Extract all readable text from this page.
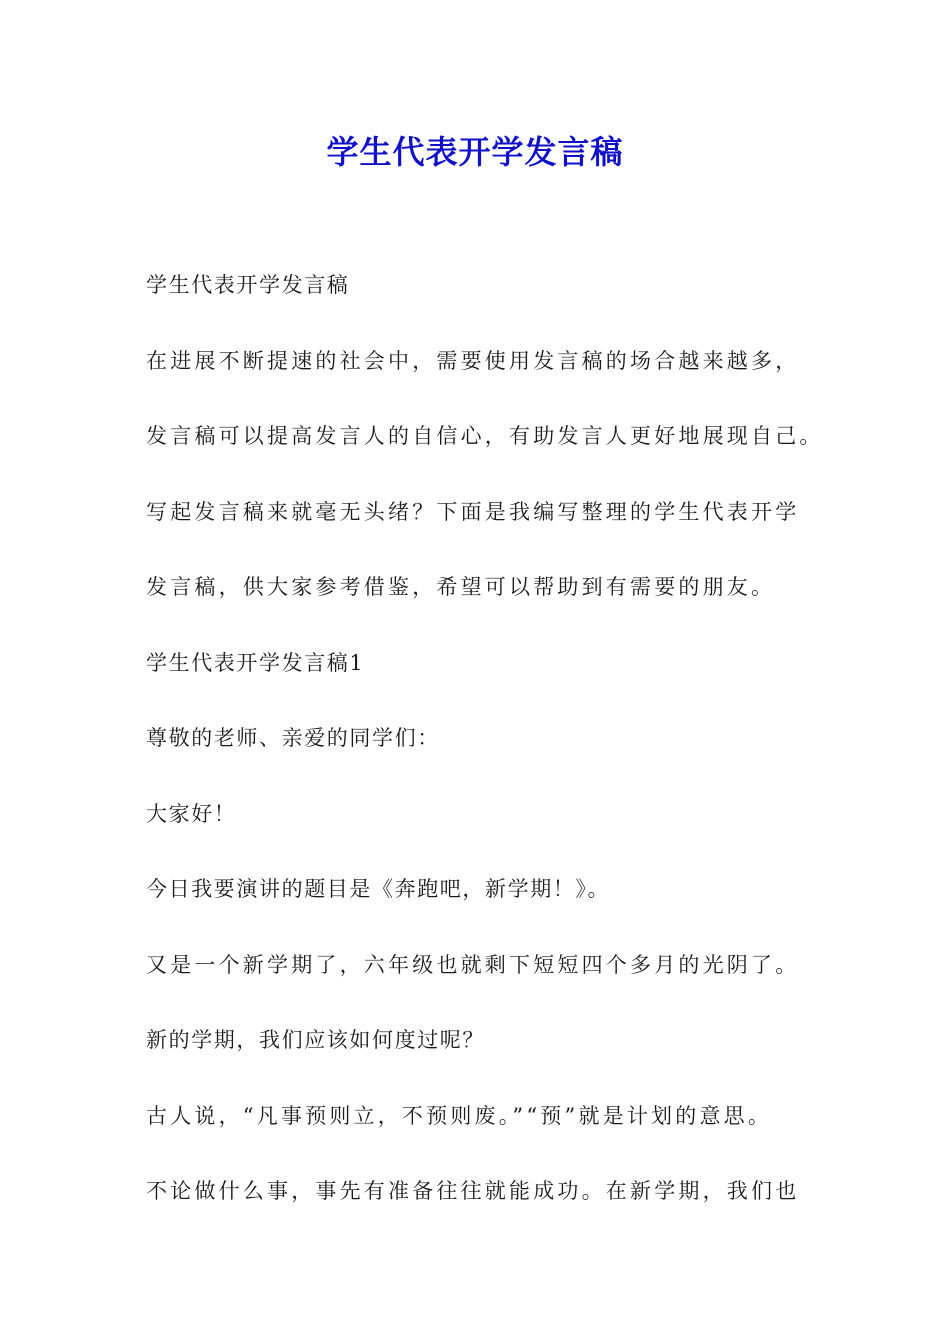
学生代表开学发言稿
学生代表开学发言稿
在进展不断提速的社会中，需要使用发言稿的场合越来越多，
发言稿可以提高发言人的自信心，有助发言人更好地展现自己。
写起发言稿来就毫无头绪？下面是我编写整理的学生代表开学
发言稿，供大家参考借鉴，希望可以帮助到有需要的朋友。
学生代表开学发言稿1
尊敬的老师、亲爱的同学们：
大家好！
今日我要演讲的题目是《奔跑吧，新学期！》。
又是一个新学期了，六年级也就剩下短短四个多月的光阴了。
新的学期，我们应该如何度过呢？
古人说，“凡事预则立，不预则废。”“预”就是计划的意思。
不论做什么事，事先有准备往往就能成功。在新学期，我们也
